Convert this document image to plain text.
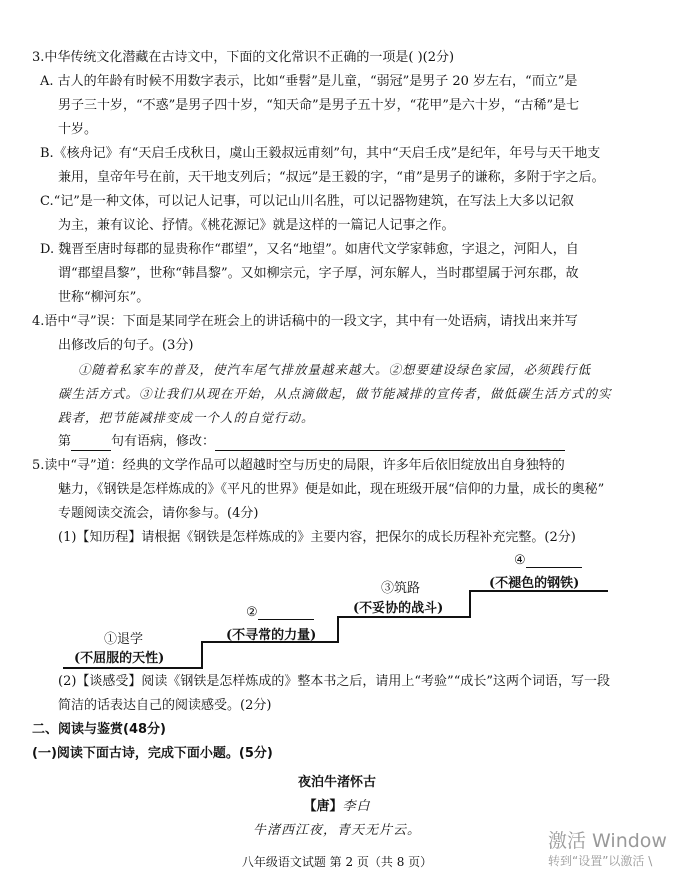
3.中华传统文化潜藏在古诗文中，下面的文化常识不正确的一项是( )(2分)
A. 古人的年龄有时候不用数字表示，比如“垂髫”是儿童，“弱冠”是男子 20 岁左右，“而立”是
男子三十岁，“不惑”是男子四十岁，“知天命”是男子五十岁，“花甲”是六十岁，“古稀”是七
十岁。
B.《核舟记》有“天启壬戌秋日，虞山王毅叔远甫刻”句，其中“天启壬戌”是纪年，年号与天干地支
兼用，皇帝年号在前，天干地支列后；“叔远”是王毅的字，“甫”是男子的谦称，多附于字之后。
C.“记”是一种文体，可以记人记事，可以记山川名胜，可以记器物建筑，在写法上大多以记叙
为主，兼有议论、抒情。《桃花源记》就是这样的一篇记人记事之作。
D. 魏晋至唐时每郡的显贵称作“郡望”，又名“地望”。如唐代文学家韩愈，字退之，河阳人，自
谓“郡望昌黎”，世称“韩昌黎”。又如柳宗元，字子厚，河东解人，当时郡望属于河东郡，故
世称“柳河东”。
4.语中“寻”误：下面是某同学在班会上的讲话稿中的一段文字，其中有一处语病，请找出来并写
出修改后的句子。(3分)
①随着私家车的普及，使汽车尾气排放量越来越大。②想要建设绿色家园，必须践行低
碳生活方式。③让我们从现在开始，从点滴做起，做节能减排的宣传者，做低碳生活方式的实
践者，把节能减排变成一个人的自觉行动。
第	句有语病，修改：
5.读中“寻”道：经典的文学作品可以超越时空与历史的局限，许多年后依旧绽放出自身独特的
魅力，《钢铁是怎样炼成的》《平凡的世界》便是如此，现在班级开展“信仰的力量，成长的奥秘”
专题阅读交流会，请你参与。(4分)
(1)【知历程】请根据《钢铁是怎样炼成的》主要内容，把保尔的成长历程补充完整。(2分)
①退学
(不屈服的天性)
②
(不寻常的力量)
③筑路
(不妥协的战斗)
④
(不褪色的钢铁)
(2)【谈感受】阅读《钢铁是怎样炼成的》整本书之后，请用上“考验”“成长”这两个词语，写一段
简洁的话表达自己的阅读感受。(2分)
二、阅读与鉴赏(48分)
(一)阅读下面古诗，完成下面小题。(5分)
夜泊牛渚怀古
【唐】李白
牛渚西江夜，青天无片云。
八年级语文试题 第 2 页（共 8 页）
激活 Window
转到“设置”以激活 \
